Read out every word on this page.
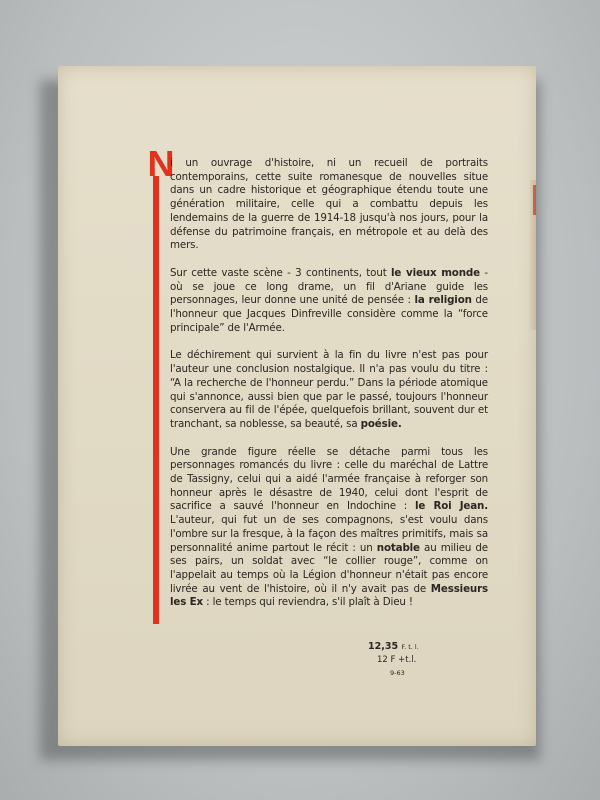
N

i un ouvrage d'histoire, ni un recueil de portraits contemporains, cette suite romanesque de nouvelles situe dans un cadre historique et géographique étendu toute une génération militaire, celle qui a combattu depuis les lendemains de la guerre de 1914-18 jusqu'à nos jours, pour la défense du patrimoine français, en métropole et au delà des mers.

Sur cette vaste scène - 3 continents, tout le vieux monde - où se joue ce long drame, un fil d'Ariane guide les personnages, leur donne une unité de pensée : la religion de l'honneur que Jacques Dinfreville considère comme la “force principale” de l'Armée.

Le déchirement qui survient à la fin du livre n'est pas pour l'auteur une conclusion nostalgique. Il n'a pas voulu du titre : “A la recherche de l'honneur perdu.” Dans la période atomique qui s'annonce, aussi bien que par le passé, toujours l'honneur conservera au fil de l'épée, quelquefois brillant, souvent dur et tranchant, sa noblesse, sa beauté, sa poésie.

Une grande figure réelle se détache parmi tous les personnages romancés du livre : celle du maréchal de Lattre de Tassigny, celui qui a aidé l'armée française à reforger son honneur après le désastre de 1940, celui dont l'esprit de sacrifice a sauvé l'honneur en Indochine : le Roi Jean. L'auteur, qui fut un de ses compagnons, s'est voulu dans l'ombre sur la fresque, à la façon des maîtres primitifs, mais sa personnalité anime partout le récit : un notable au milieu de ses pairs, un soldat avec “le collier rouge”, comme on l'appelait au temps où la Légion d'honneur n'était pas encore livrée au vent de l'histoire, où il n'y avait pas de Messieurs les Ex : le temps qui reviendra, s'il plaît à Dieu !

12,35 F. t. l.
12 F +t.l.
9-63
